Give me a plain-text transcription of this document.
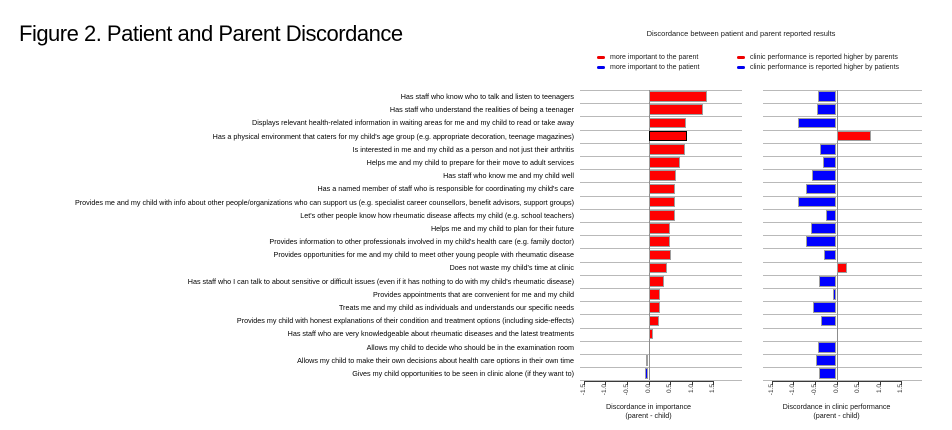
Figure 2. Patient and Parent Discordance	Discordance between patient and parent reported results
more important to the parent
more important to the patient
clinic performance is reported higher by parents
clinic performance is reported higher by patients
Has staff who know who to talk and listen to teenagers
Has staff who understand the realities of being a teenager
Displays relevant health-related information in waiting areas for me and my child to read or take away
Has a physical environment that caters for my child's age group (e.g. appropriate decoration, teenage magazines)
Is interested in me and my child as a person and not just their arthritis
Helps me and my child to prepare for their move to adult services
Has staff who know me and my child well
Has a named member of staff who is responsible for coordinating my child's care
Provides me and my child with info about other people/organizations who can support us (e.g. specialist career counsellors, benefit advisors, support groups)
Let's other people know how rheumatic disease affects my child (e.g. school teachers)
Helps me and my child to plan for their future
Provides information to other professionals involved in my child's health care (e.g. family doctor)
Provides opportunities for me and my child to meet other young people with rheumatic disease
Does not waste my child's time at clinic
Has staff who I can talk to about sensitive or difficult issues (even if it has nothing to do with my child's rheumatic disease)
Provides appointments that are convenient for me and my child
Treats me and my child as individuals and understands our specific needs
Provides my child with honest explanations of their condition and treatment options (including side-effects)
Has staff who are very knowledgeable about rheumatic diseases and the latest treatments
Allows my child to decide who should be in the examination room
Allows my child to make their own decisions about health care options in their own time
Gives my child opportunities to be seen in clinic alone (if they want to)
-1.5 -1.0 -0.5 0.0 0.5 1.0 1.5
Discordance in importance
(parent - child)
-1.5 -1.0 -0.5 0.0 0.5 1.0 1.5
Discordance in clinic performance
(parent - child)
